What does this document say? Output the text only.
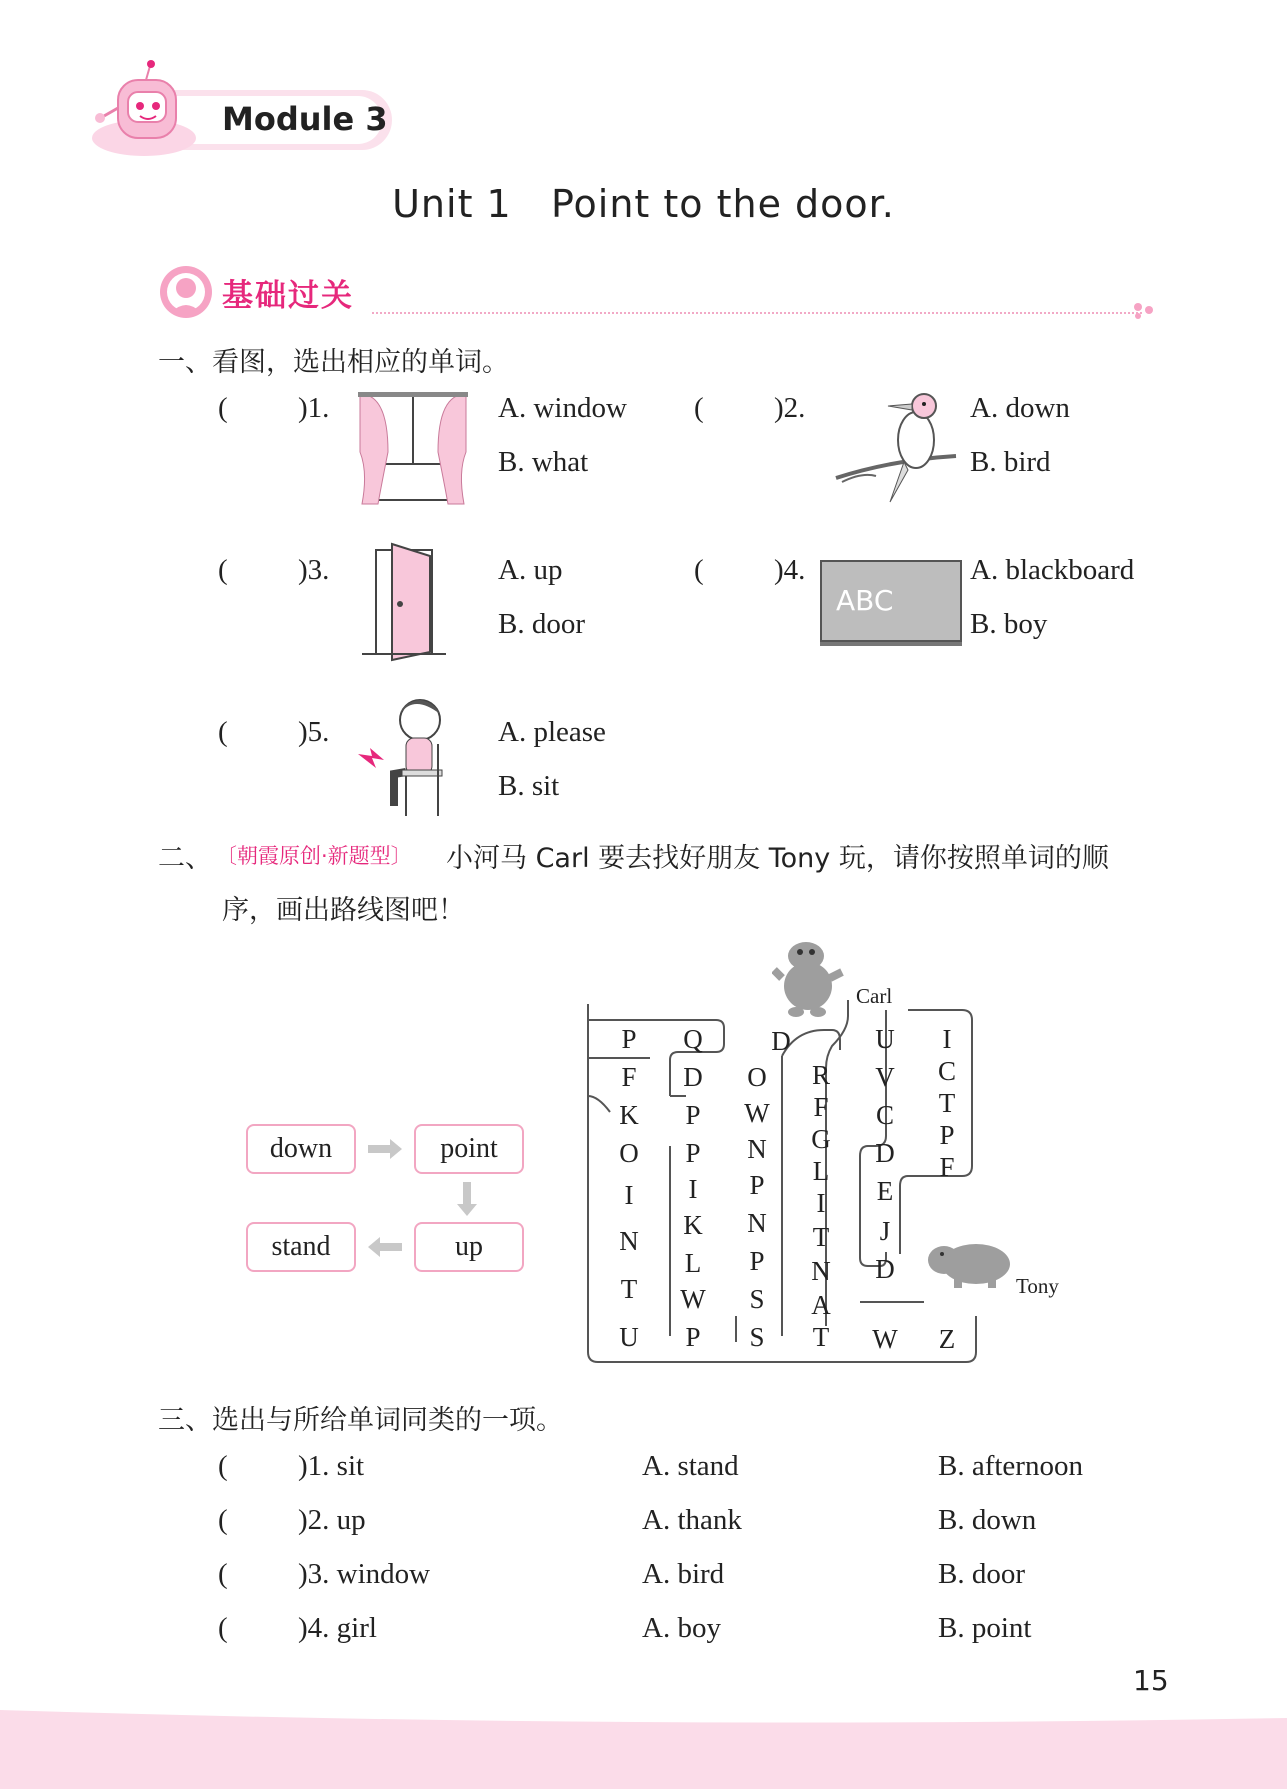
Module 3
Unit 1   Point to the door.
基础过关
一、看图，选出相应的单词。
( )1.	A. window
B. what
( )2.	A. down
B. bird
( )3.	A. up
B. door
( )4.
ABC
A. blackboard
B. boy
( )5.	A. please
B. sit
二、 〔朝霞原创·新题型〕 小河马 Carl 要去找好朋友 Tony 玩，请你按照单词的顺
序，画出路线图吧！
down	point
up
stand
P
F
K
O
I
N
T
U
Q
D
P
P
I
K
L
W
P
D
O
W
N
P
N
P
S
S
R
F
G
L
I
T
N
A
T
U
V
C
D
E
J
D
W
I
C
T
P
F
Z
Carl
Tony
三、选出与所给单词同类的一项。
( )1. sit	A. stand	B. afternoon
( )2. up	A. thank	B. down
( )3. window	A. bird	B. door
( )4. girl	A. boy	B. point
15
